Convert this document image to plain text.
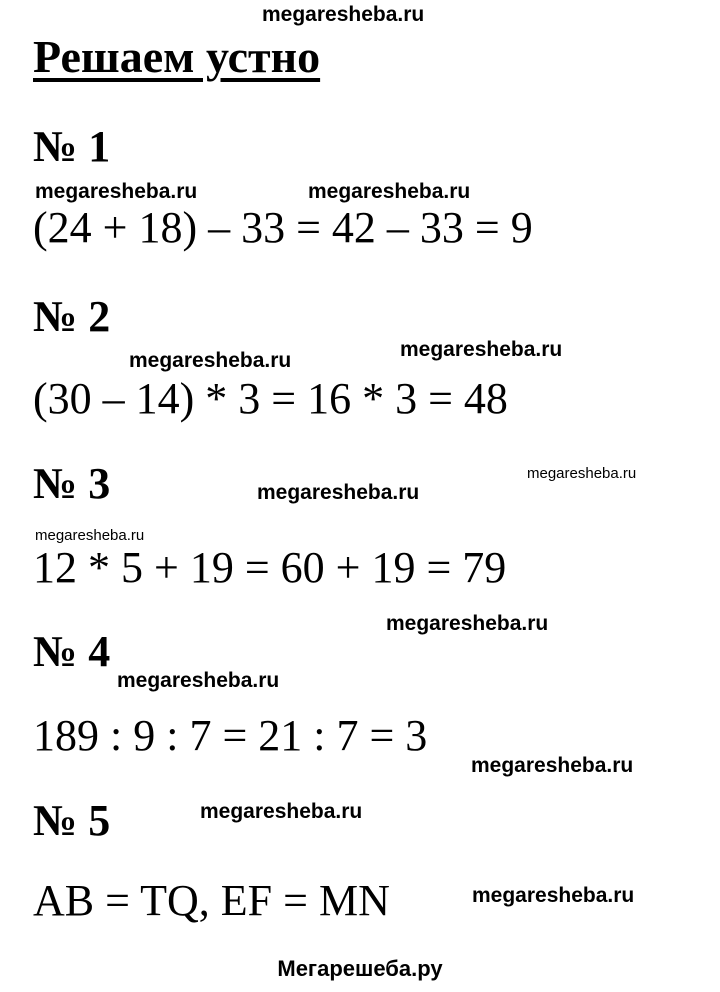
megaresheba.ru
Решаем устно
№ 1
megaresheba.ru	megaresheba.ru
(24 + 18) – 33 = 42 – 33 = 9
№ 2
megaresheba.ru	megaresheba.ru
(30 – 14) * 3 = 16 * 3 = 48
№ 3	megaresheba.ru
megaresheba.ru
megaresheba.ru
12 * 5 + 19 = 60 + 19 = 79
megaresheba.ru
№ 4
megaresheba.ru
189 : 9 : 7 = 21 : 7 = 3
megaresheba.ru
megaresheba.ru
№ 5
AB = TQ, EF = MN	megaresheba.ru
Мегарешеба.ру
